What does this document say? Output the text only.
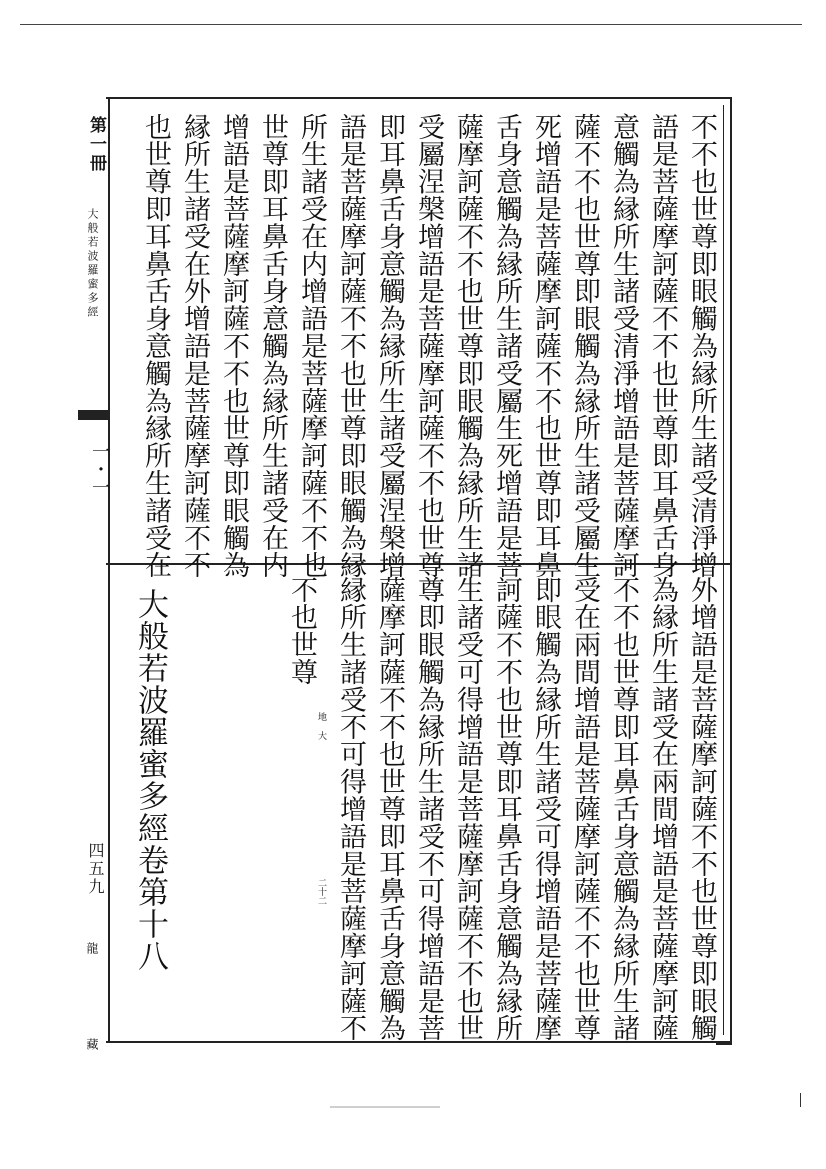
第一冊
大般若波羅蜜多經
一・一
四五九
龍 藏
不不也世尊即眼觸為縁所生諸受清淨增
語是菩薩摩訶薩不不也世尊即耳鼻舌身
意觸為縁所生諸受清淨增語是菩薩摩訶
薩不不也世尊即眼觸為縁所生諸受屬生
死增語是菩薩摩訶薩不不也世尊即耳鼻
舌身意觸為縁所生諸受屬生死增語是菩
薩摩訶薩不不也世尊即眼觸為縁所生諸
受屬涅槃增語是菩薩摩訶薩不不也世尊
即耳鼻舌身意觸為縁所生諸受屬涅槃增
語是菩薩摩訶薩不不也世尊即眼觸為縁
所生諸受在内增語是菩薩摩訶薩不不也
世尊即耳鼻舌身意觸為縁所生諸受在内
增語是菩薩摩訶薩不不也世尊即眼觸為
縁所生諸受在外增語是菩薩摩訶薩不不
也世尊即耳鼻舌身意觸為縁所生諸受在
外增語是菩薩摩訶薩不不也世尊即眼觸
為縁所生諸受在兩間增語是菩薩摩訶薩
不不也世尊即耳鼻舌身意觸為縁所生諸
受在兩間增語是菩薩摩訶薩不不也世尊
即眼觸為縁所生諸受可得增語是菩薩摩
訶薩不不也世尊即耳鼻舌身意觸為縁所
生諸受可得增語是菩薩摩訶薩不不也世
尊即眼觸為縁所生諸受不可得增語是菩
薩摩訶薩不不也世尊即耳鼻舌身意觸為
縁所生諸受不可得增語是菩薩摩訶薩不
不也世尊
地 大
二十二
大般若波羅蜜多經卷第十八
